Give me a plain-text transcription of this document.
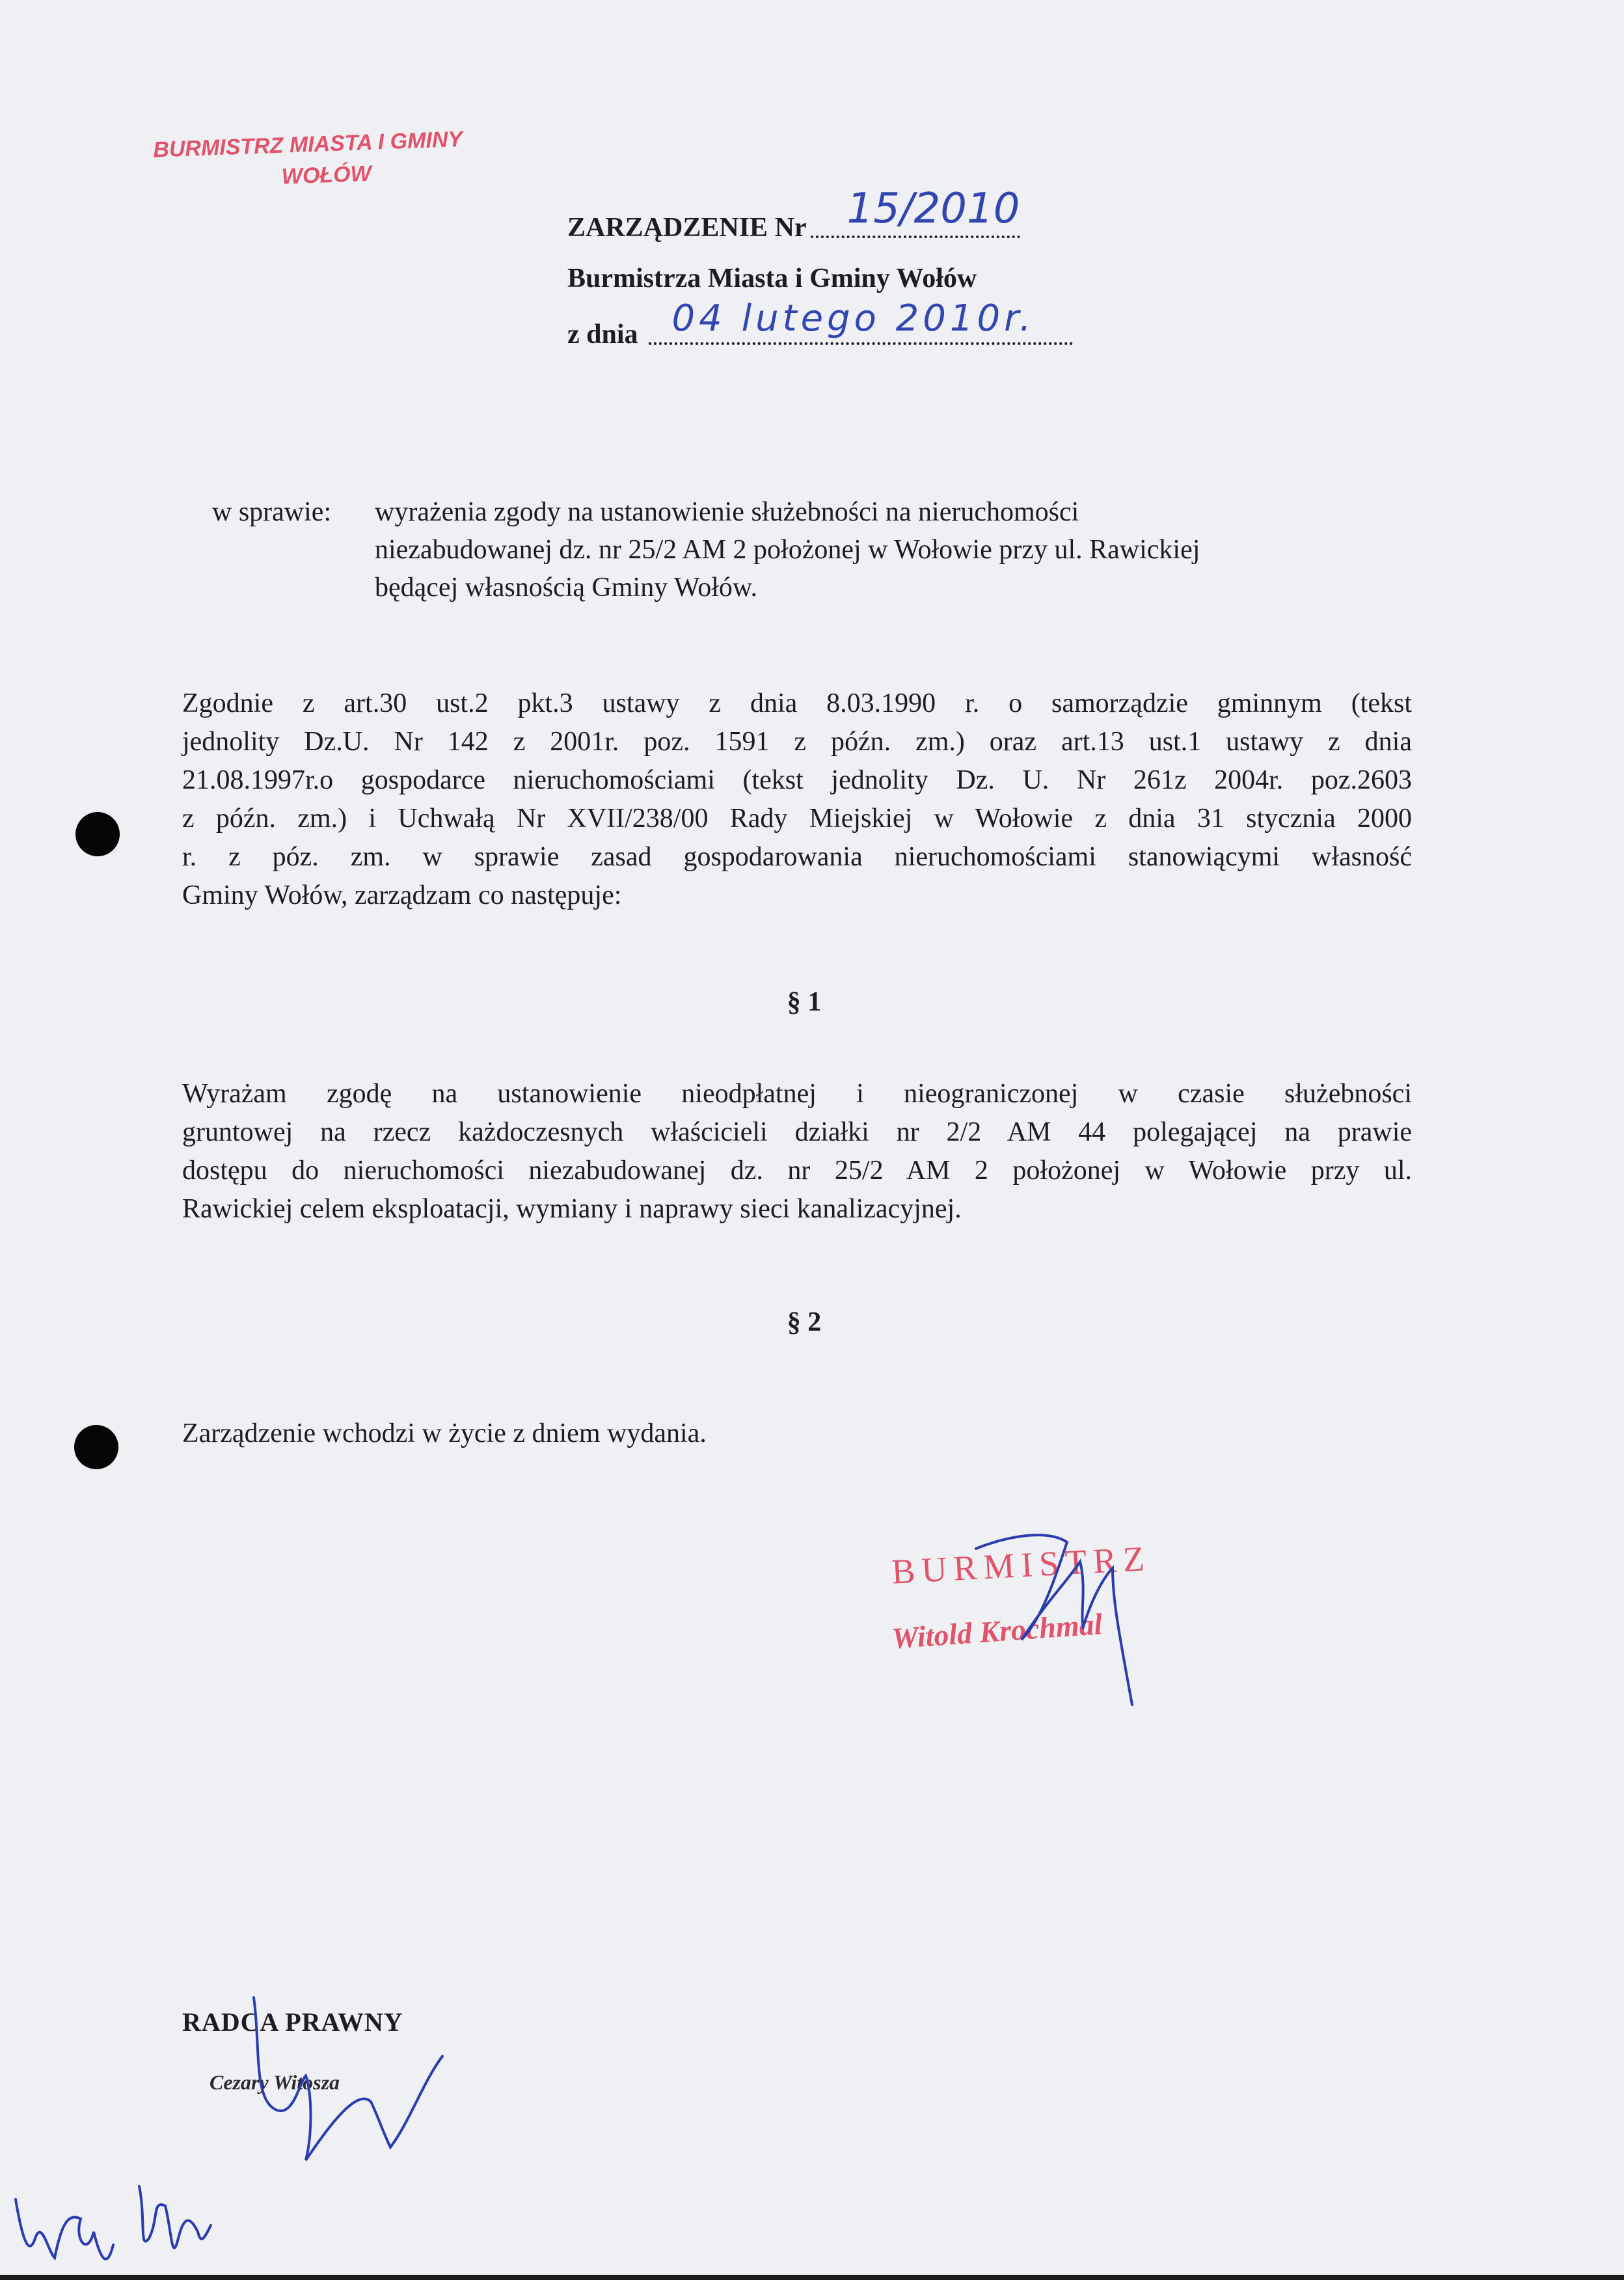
BURMISTRZ MIASTA I GMINY
WOŁÓW
ZARZĄDZENIE Nr 15/2010
Burmistrza Miasta i Gminy Wołów
z dnia 04 lutego 2010r.
w sprawie: wyrażenia zgody na ustanowienie służebności na nieruchomości
niezabudowanej dz. nr 25/2 AM 2 położonej w Wołowie przy ul. Rawickiej
będącej własnością Gminy Wołów.
Zgodnie z art.30 ust.2 pkt.3 ustawy z dnia 8.03.1990 r. o samorządzie gminnym (tekst
jednolity Dz.U. Nr 142 z 2001r. poz. 1591 z późn. zm.) oraz art.13 ust.1 ustawy z dnia
21.08.1997r.o gospodarce nieruchomościami (tekst jednolity Dz. U. Nr 261z 2004r. poz.2603
z późn. zm.) i Uchwałą Nr XVII/238/00 Rady Miejskiej w Wołowie z dnia 31 stycznia 2000
r. z póz. zm. w sprawie zasad gospodarowania nieruchomościami stanowiącymi własność
Gminy Wołów, zarządzam co następuje:
§ 1
Wyrażam zgodę na ustanowienie nieodpłatnej i nieograniczonej w czasie służebności
gruntowej na rzecz każdoczesnych właścicieli działki nr 2/2 AM 44 polegającej na prawie
dostępu do nieruchomości niezabudowanej dz. nr 25/2 AM 2 położonej w Wołowie przy ul.
Rawickiej celem eksploatacji, wymiany i naprawy sieci kanalizacyjnej.
§ 2
Zarządzenie wchodzi w życie z dniem wydania.
BURMISTRZ
Witold Krochmal
RADCA PRAWNY
Cezary Witosza
